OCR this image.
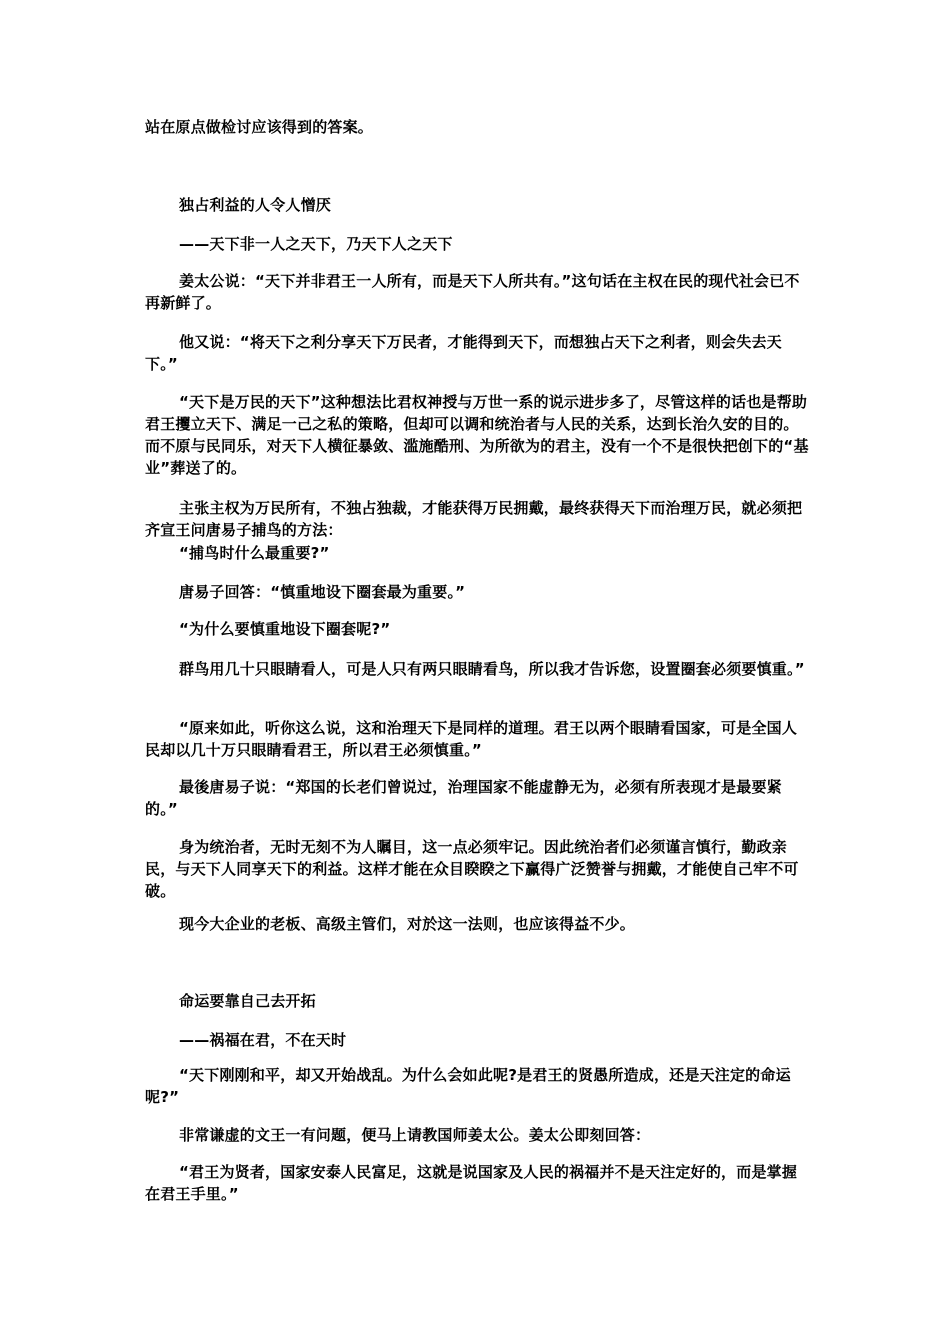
站在原点做检讨应该得到的答案。
独占利益的人令人憎厌
——天下非一人之天下，乃天下人之天下
姜太公说：“天下并非君王一人所有，而是天下人所共有。”这句话在主权在民的现代社会已不再新鲜了。
他又说：“将天下之利分享天下万民者，才能得到天下，而想独占天下之利者，则会失去天下。”
“天下是万民的天下”这种想法比君权神授与万世一系的说示进步多了，尽管这样的话也是帮助君王攫立天下、满足一己之私的策略，但却可以调和统治者与人民的关系，达到长治久安的目的。而不原与民同乐，对天下人横征暴敛、滥施酷刑、为所欲为的君主，没有一个不是很快把创下的“基业”葬送了的。
主张主权为万民所有，不独占独裁，才能获得万民拥戴，最终获得天下而治理万民，就必须把齐宣王问唐易子捕鸟的方法：
“捕鸟时什么最重要?”
唐易子回答：“慎重地设下圈套最为重要。”
“为什么要慎重地设下圈套呢?”
群鸟用几十只眼睛看人，可是人只有两只眼睛看鸟，所以我才告诉您，设置圈套必须要慎重。”
“原来如此，听你这么说，这和治理天下是同样的道理。君王以两个眼睛看国家，可是全国人民却以几十万只眼睛看君王，所以君王必须慎重。”
最後唐易子说：“郑国的长老们曾说过，治理国家不能虚静无为，必须有所表现才是最要紧的。”
身为统治者，无时无刻不为人瞩目，这一点必须牢记。因此统治者们必须谨言慎行，勤政亲民，与天下人同享天下的利益。这样才能在众目睽睽之下赢得广泛赞誉与拥戴，才能使自己牢不可破。
现今大企业的老板、高级主管们，对於这一法则，也应该得益不少。
命运要靠自己去开拓
——祸福在君，不在天时
“天下刚刚和平，却又开始战乱。为什么会如此呢?是君王的贤愚所造成，还是天注定的命运呢?”
非常谦虚的文王一有问题，便马上请教国师姜太公。姜太公即刻回答：
“君王为贤者，国家安泰人民富足，这就是说国家及人民的祸福并不是天注定好的，而是掌握在君王手里。”
